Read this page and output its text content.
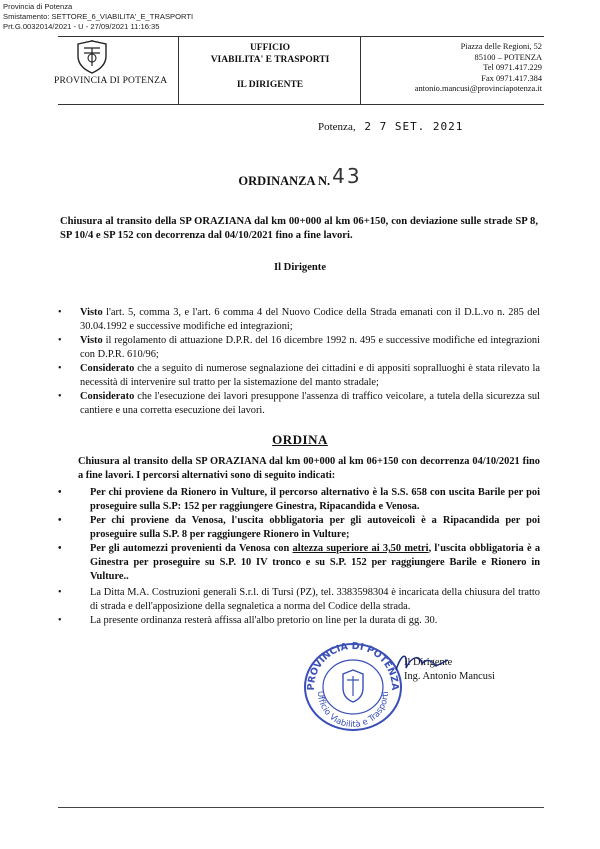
Provincia di Potenza
Smistamento: SETTORE_6_VIABILITA'_E_TRASPORTI
Prt.G.0032014/2021 - U - 27/09/2021 11:16:35
PROVINCIA DI POTENZA
UFFICIO
VIABILITA' E TRASPORTI
IL DIRIGENTE
Piazza delle Regioni, 52
85100 – POTENZA
Tel 0971.417.229
Fax 0971.417.384
antonio.mancusi@provinciapotenza.it
Potenza, 2 7 SET. 2021
ORDINANZA N. 43
Chiusura al transito della SP ORAZIANA dal km 00+000 al km 06+150, con deviazione sulle strade SP 8, SP 10/4 e SP 152 con decorrenza dal 04/10/2021 fino a fine lavori.
Il Dirigente
• Visto l'art. 5, comma 3, e l'art. 6 comma 4 del Nuovo Codice della Strada emanati con il D.L.vo n. 285 del 30.04.1992 e successive modifiche ed integrazioni;
• Visto il regolamento di attuazione D.P.R. del 16 dicembre 1992 n. 495 e successive modifiche ed integrazioni con D.P.R. 610/96;
• Considerato che a seguito di numerose segnalazione dei cittadini e di appositi sopralluoghi è stata rilevato la necessità di intervenire sul tratto per la sistemazione del manto stradale;
• Considerato che l'esecuzione dei lavori presuppone l'assenza di traffico veicolare, a tutela della sicurezza sul cantiere e una corretta esecuzione dei lavori.
ORDINA
Chiusura al transito della SP ORAZIANA dal km 00+000 al km 06+150 con decorrenza 04/10/2021 fino a fine lavori. I percorsi alternativi sono di seguito indicati:
•	Per chi proviene da Rionero in Vulture, il percorso alternativo è la S.S. 658 con uscita Barile per poi proseguire sulla S.P: 152 per raggiungere Ginestra, Ripacandida e Venosa.
•	Per chi proviene da Venosa, l'uscita obbligatoria per gli autoveicoli è a Ripacandida per poi proseguire sulla S.P. 8 per raggiungere Rionero in Vulture;
•	Per gli automezzi provenienti da Venosa con altezza superiore ai 3,50 metri, l'uscita obbligatoria è a Ginestra per proseguire su S.P. 10 IV tronco e su S.P. 152 per raggiungere Barile e Rionero in Vulture..
•	La Ditta M.A. Costruzioni generali S.r.l. di Tursi (PZ), tel. 3383598304 è incaricata della chiusura del tratto di strada e dell'apposizione della segnaletica a norma del Codice della strada.
•	La presente ordinanza resterà affissa all'albo pretorio on line per la durata di gg. 30.
PROVINCIA DI POTENZA
Ufficio Viabilità e Trasporti
Il Dirigente
Ing. Antonio Mancusi
